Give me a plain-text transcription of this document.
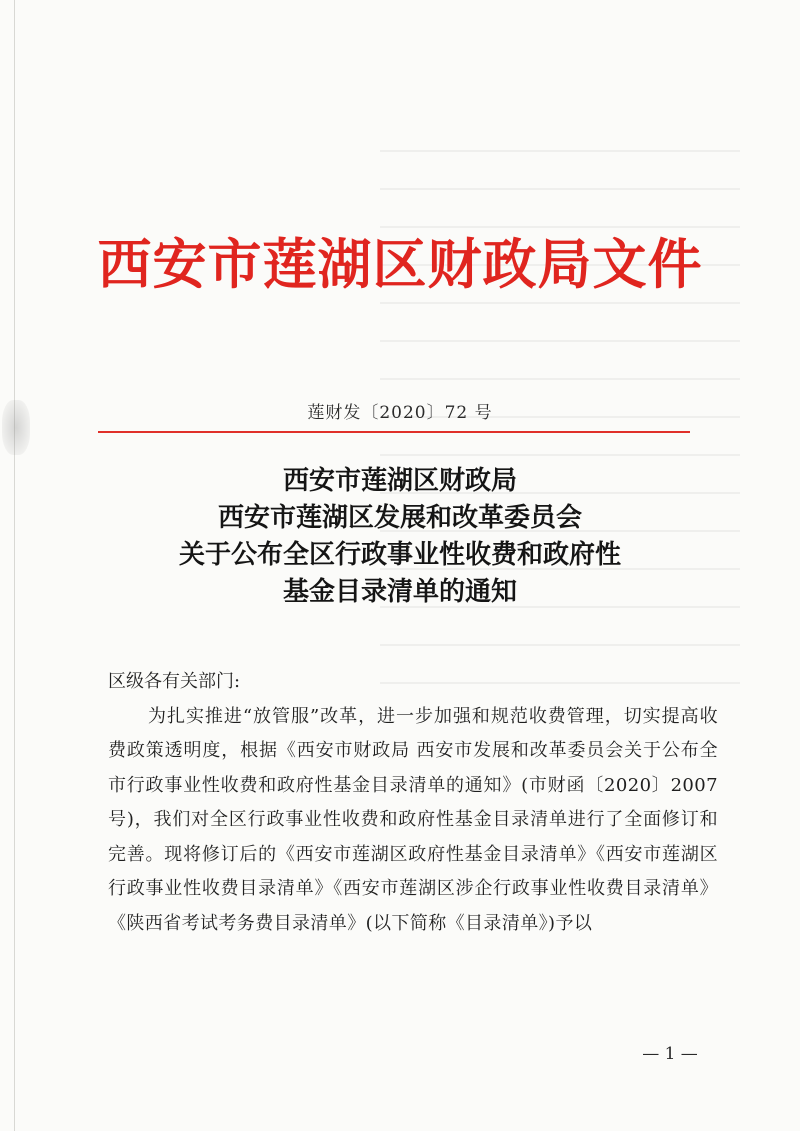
西安市莲湖区财政局文件
莲财发〔2020〕72 号
西安市莲湖区财政局
西安市莲湖区发展和改革委员会
关于公布全区行政事业性收费和政府性
基金目录清单的通知
区级各有关部门:

为扎实推进“放管服”改革，进一步加强和规范收费管理，切实提高收费政策透明度，根据《西安市财政局 西安市发展和改革委员会关于公布全市行政事业性收费和政府性基金目录清单的通知》(市财函〔2020〕2007 号)，我们对全区行政事业性收费和政府性基金目录清单进行了全面修订和完善。现将修订后的《西安市莲湖区政府性基金目录清单》《西安市莲湖区行政事业性收费目录清单》《西安市莲湖区涉企行政事业性收费目录清单》《陕西省考试考务费目录清单》(以下简称《目录清单》)予以

— 1 —
